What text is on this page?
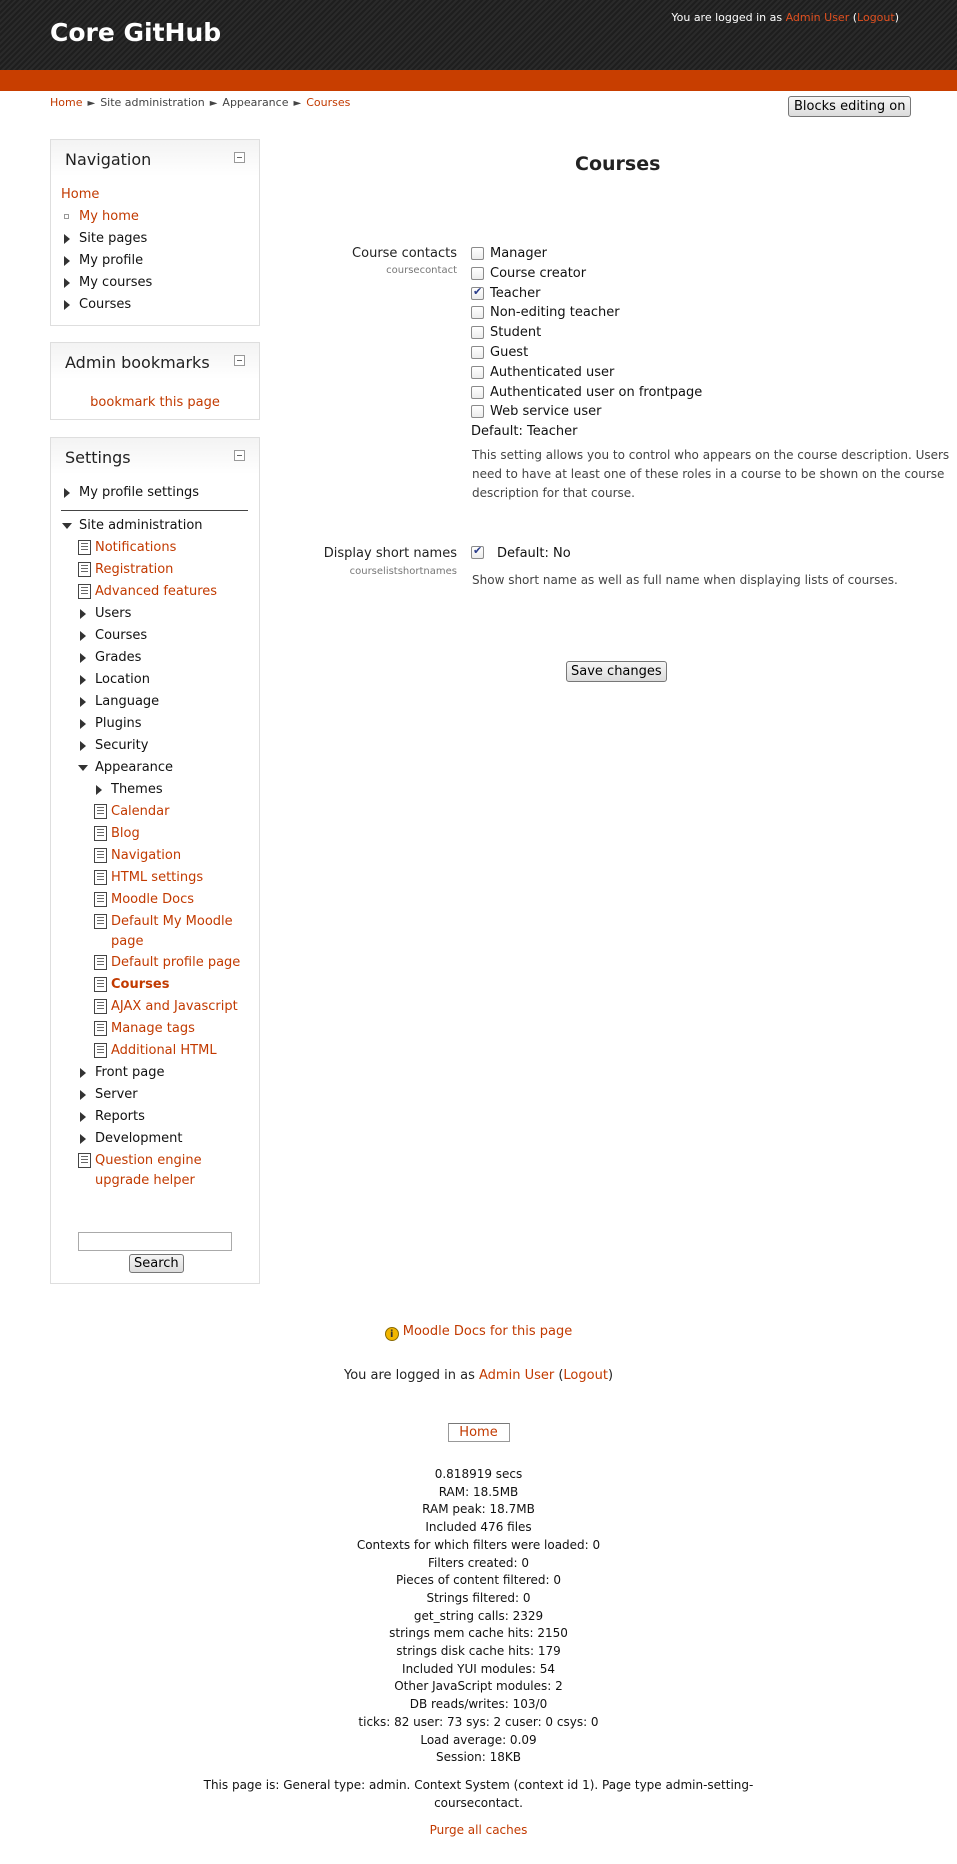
Core GitHub
You are logged in as Admin User (Logout)
Home ► Site administration ► Appearance ► Courses	Blocks editing on
Navigation
Home
My home
Site pages
My profile
My courses
Courses
Admin bookmarks
bookmark this page
Settings
My profile settings
Site administration
Notifications
Registration
Advanced features
Users
Courses
Grades
Location
Language
Plugins
Security
Appearance
Themes
Calendar
Blog
Navigation
HTML settings
Moodle Docs
Default My Moodle
page
Default profile page
Courses
AJAX and Javascript
Manage tags
Additional HTML
Front page
Server
Reports
Development
Question engine
upgrade helper
Search
Courses
Course contacts
coursecontact
Manager
Course creator
✔
Teacher
Non-editing teacher
Student
Guest
Authenticated user
Authenticated user on frontpage
Web service user
Default: Teacher
This setting allows you to control who appears on the course description. Users
need to have at least one of these roles in a course to be shown on the course
description for that course.
Display short names
courselistshortnames
✔
Default: No
Show short name as well as full name when displaying lists of courses.
Save changes
i Moodle Docs for this page
You are logged in as Admin User (Logout)
Home
0.818919 secs
RAM: 18.5MB
RAM peak: 18.7MB
Included 476 files
Contexts for which filters were loaded: 0
Filters created: 0
Pieces of content filtered: 0
Strings filtered: 0
get_string calls: 2329
strings mem cache hits: 2150
strings disk cache hits: 179
Included YUI modules: 54
Other JavaScript modules: 2
DB reads/writes: 103/0
ticks: 82 user: 73 sys: 2 cuser: 0 csys: 0
Load average: 0.09
Session: 18KB
This page is: General type: admin. Context System (context id 1). Page type admin-setting-
coursecontact.
Purge all caches
